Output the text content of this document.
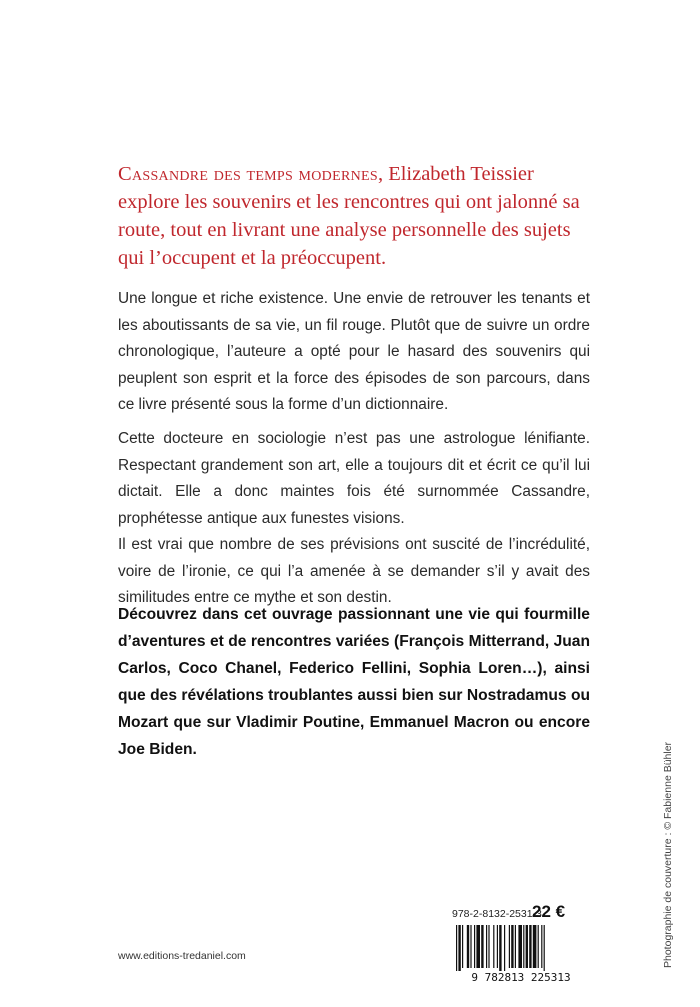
Cassandre des temps modernes, Elizabeth Teissier explore les souvenirs et les rencontres qui ont jalonné sa route, tout en livrant une analyse personnelle des sujets qui l’occupent et la préoccupent.
Une longue et riche existence. Une envie de retrouver les tenants et les aboutissants de sa vie, un fil rouge. Plutôt que de suivre un ordre chronologique, l’auteure a opté pour le hasard des souvenirs qui peuplent son esprit et la force des épisodes de son parcours, dans ce livre présenté sous la forme d’un dictionnaire.
Cette docteure en sociologie n’est pas une astrologue lénifiante. Respectant grandement son art, elle a toujours dit et écrit ce qu’il lui dictait. Elle a donc maintes fois été surnommée Cassandre, prophétesse antique aux funestes visions.
Il est vrai que nombre de ses prévisions ont suscité de l’incrédulité, voire de l’ironie, ce qui l’a amenée à se demander s’il y avait des similitudes entre ce mythe et son destin.
Découvrez dans cet ouvrage passionnant une vie qui fourmille d’aventures et de rencontres variées (François Mitterrand, Juan Carlos, Coco Chanel, Federico Fellini, Sophia Loren…), ainsi que des révélations troublantes aussi bien sur Nostradamus ou Mozart que sur Vladimir Poutine, Emmanuel Macron ou encore Joe Biden.
www.editions-tredaniel.com
978-2-8132-2531-3
22 €
9 782813 225313
Photographie de couverture : © Fabienne Bühler
